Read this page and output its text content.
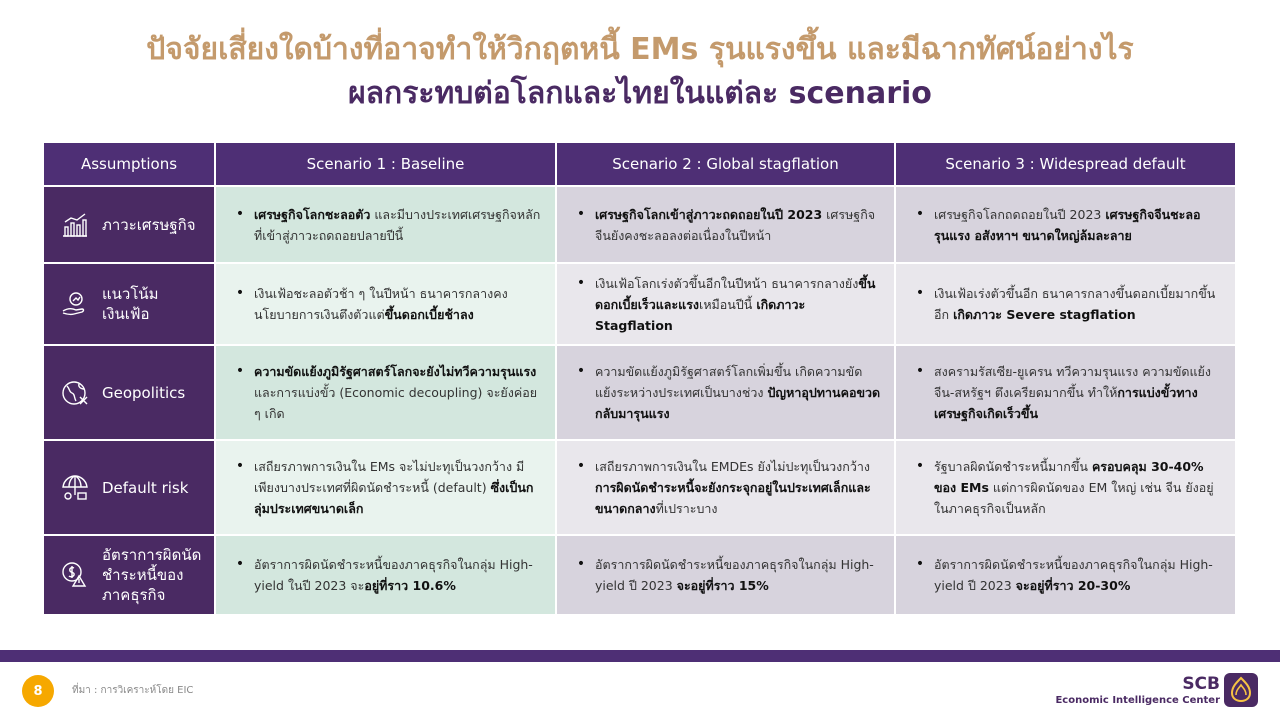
ปัจจัยเสี่ยงใดบ้างที่อาจทำให้วิกฤตหนี้ EMs รุนแรงขึ้น และมีฉากทัศน์อย่างไร
ผลกระทบต่อโลกและไทยในแต่ละ scenario
Assumptions	Scenario 1 : Baseline	Scenario 2 : Global stagflation	Scenario 3 : Widespread default

ภาวะเศรษฐกิจ	• เศรษฐกิจโลกชะลอตัว และมีบางประเทศเศรษฐกิจหลักที่เข้าสู่ภาวะถดถอยปลายปีนี้	• เศรษฐกิจโลกเข้าสู่ภาวะถดถอยในปี 2023 เศรษฐกิจจีนยังคงชะลอลงต่อเนื่องในปีหน้า	• เศรษฐกิจโลกถดถอยในปี 2023 เศรษฐกิจจีนชะลอรุนแรง อสังหาฯ ขนาดใหญ่ล้มละลาย

แนวโน้มเงินเฟ้อ	• เงินเฟ้อชะลอตัวช้า ๆ ในปีหน้า ธนาคารกลางคงนโยบายการเงินตึงตัวแต่ขึ้นดอกเบี้ยช้าลง	• เงินเฟ้อโลกเร่งตัวขึ้นอีกในปีหน้า ธนาคารกลางยังขึ้นดอกเบี้ยเร็วและแรงเหมือนปีนี้ เกิดภาวะ Stagflation	• เงินเฟ้อเร่งตัวขึ้นอีก ธนาคารกลางขึ้นดอกเบี้ยมากขึ้นอีก เกิดภาวะ Severe stagflation

Geopolitics	• ความขัดแย้งภูมิรัฐศาสตร์โลกจะยังไม่ทวีความรุนแรง และการแบ่งขั้ว (Economic decoupling) จะยังค่อย ๆ เกิด	• ความขัดแย้งภูมิรัฐศาสตร์โลกเพิ่มขึ้น เกิดความขัดแย้งระหว่างประเทศเป็นบางช่วง ปัญหาอุปทานคอขวดกลับมารุนแรง	• สงครามรัสเซีย-ยูเครน ทวีความรุนแรง ความขัดแย้งจีน-สหรัฐฯ ตึงเครียดมากขึ้น ทำให้การแบ่งขั้วทางเศรษฐกิจเกิดเร็วขึ้น

Default risk	• เสถียรภาพการเงินใน EMs จะไม่ปะทุเป็นวงกว้าง มีเพียงบางประเทศที่ผิดนัดชำระหนี้ (default) ซึ่งเป็นกลุ่มประเทศขนาดเล็ก	• เสถียรภาพการเงินใน EMDEs ยังไม่ปะทุเป็นวงกว้าง การผิดนัดชำระหนี้จะยังกระจุกอยู่ในประเทศเล็กและขนาดกลางที่เปราะบาง	• รัฐบาลผิดนัดชำระหนี้มากขึ้น ครอบคลุม 30-40% ของ EMs แต่การผิดนัดของ EM ใหญ่ เช่น จีน ยังอยู่ในภาคธุรกิจเป็นหลัก

อัตราการผิดนัดชำระหนี้ของภาคธุรกิจ	• อัตราการผิดนัดชำระหนี้ของภาคธุรกิจในกลุ่ม High-yield ในปี 2023 จะอยู่ที่ราว 10.6%	• อัตราการผิดนัดชำระหนี้ของภาคธุรกิจในกลุ่ม High-yield ปี 2023 จะอยู่ที่ราว 15%	• อัตราการผิดนัดชำระหนี้ของภาคธุรกิจในกลุ่ม High-yield ปี 2023 จะอยู่ที่ราว 20-30%
8	ที่มา : การวิเคราะห์โดย EIC	SCB
Economic Intelligence Center
